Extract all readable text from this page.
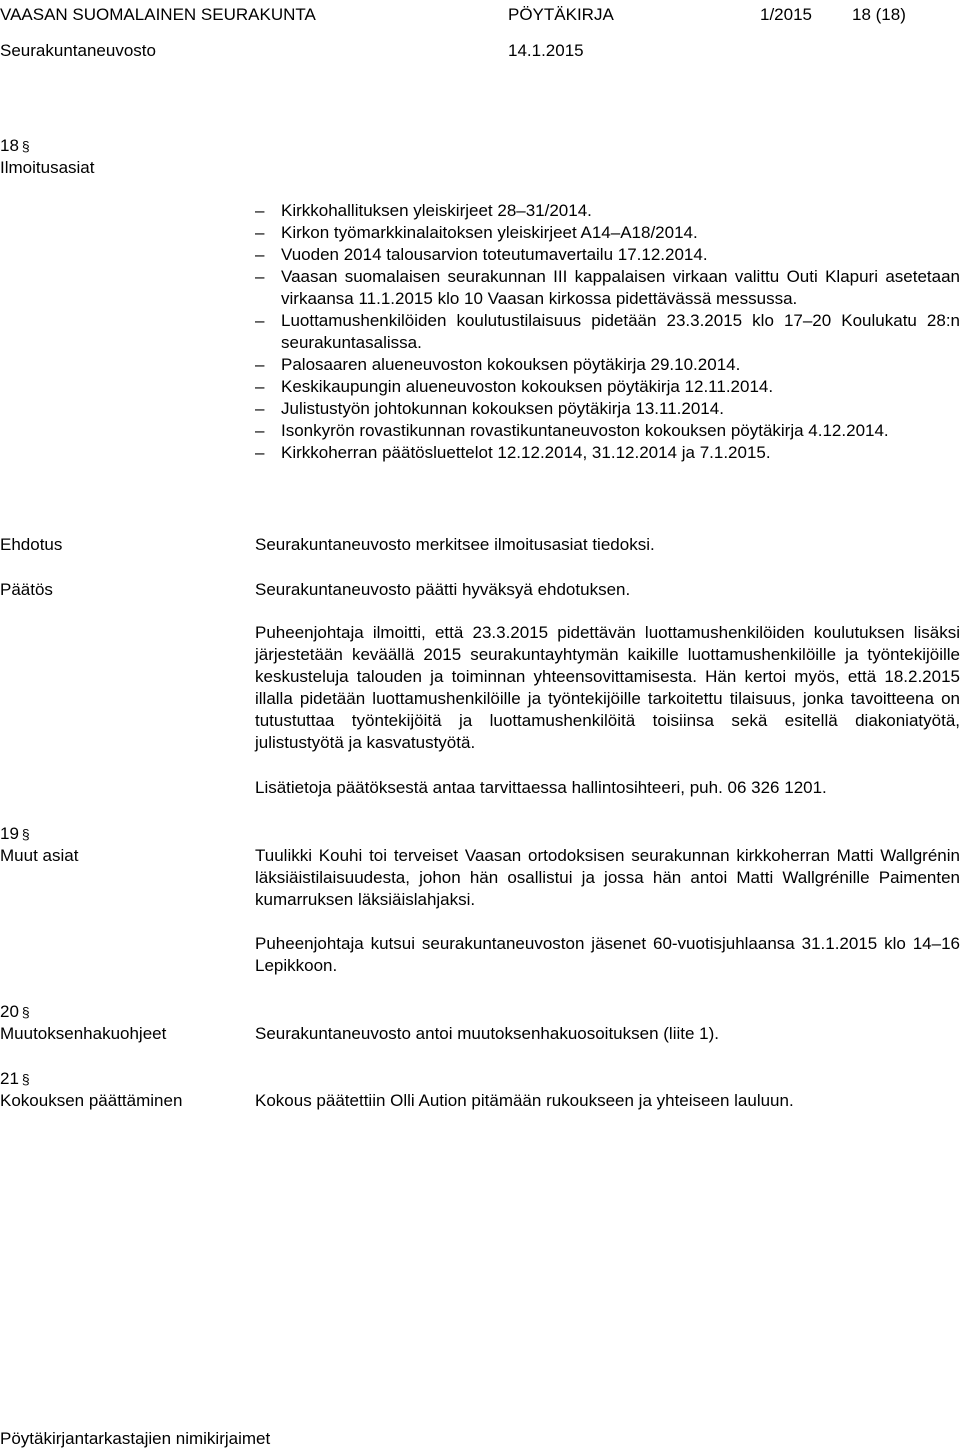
VAASAN SUOMALAINEN SEURAKUNTA	PÖYTÄKIRJA	1/2015 18 (18)
Seurakuntaneuvosto	14.1.2015
18 §
Ilmoitusasiat
– Kirkkohallituksen yleiskirjeet 28–31/2014.
– Kirkon työmarkkinalaitoksen yleiskirjeet A14–A18/2014.
– Vuoden 2014 talousarvion toteutumavertailu 17.12.2014.
– Vaasan suomalaisen seurakunnan III kappalaisen virkaan valittu Outi Klapuri asetetaan virkaansa 11.1.2015 klo 10 Vaasan kirkossa pidettävässä messussa.
– Luottamushenkilöiden koulutustilaisuus pidetään 23.3.2015 klo 17–20 Koulukatu 28:n seurakuntasalissa.
– Palosaaren alueneuvoston kokouksen pöytäkirja 29.10.2014.
– Keskikaupungin alueneuvoston kokouksen pöytäkirja 12.11.2014.
– Julistustyön johtokunnan kokouksen pöytäkirja 13.11.2014.
– Isonkyrön rovastikunnan rovastikuntaneuvoston kokouksen pöytäkirja 4.12.2014.
– Kirkkoherran päätösluettelot 12.12.2014, 31.12.2014 ja 7.1.2015.
Ehdotus	Seurakuntaneuvosto merkitsee ilmoitusasiat tiedoksi.
Päätös	Seurakuntaneuvosto päätti hyväksyä ehdotuksen.

Puheenjohtaja ilmoitti, että 23.3.2015 pidettävän luottamushenkilöiden koulutuksen lisäksi järjestetään keväällä 2015 seurakuntayhtymän kaikille luottamushenkilöille ja työntekijöille keskusteluja talouden ja toiminnan yhteensovittamisesta. Hän kertoi myös, että 18.2.2015 illalla pidetään luottamushenkilöille ja työntekijöille tarkoitettu tilaisuus, jonka tavoitteena on tutustuttaa työntekijöitä ja luottamushenkilöitä toisiinsa sekä esitellä diakoniatyötä, julistustyötä ja kasvatustyötä.

Lisätietoja päätöksestä antaa tarvittaessa hallintosihteeri, puh. 06 326 1201.

19 §
Muut asiat	Tuulikki Kouhi toi terveiset Vaasan ortodoksisen seurakunnan kirkkoherran Matti Wallgrénin läksiäistilaisuudesta, johon hän osallistui ja jossa hän antoi Matti Wallgrénille Paimenten kumarruksen läksiäislahjaksi.

Puheenjohtaja kutsui seurakuntaneuvoston jäsenet 60-vuotisjuhlaansa 31.1.2015 klo 14–16 Lepikkoon.

20 §
Muutoksenhakuohjeet	Seurakuntaneuvosto antoi muutoksenhakuosoituksen (liite 1).
21 §
Kokouksen päättäminen	Kokous päätettiin Olli Aution pitämään rukoukseen ja yhteiseen lauluun.
Pöytäkirjantarkastajien nimikirjaimet
